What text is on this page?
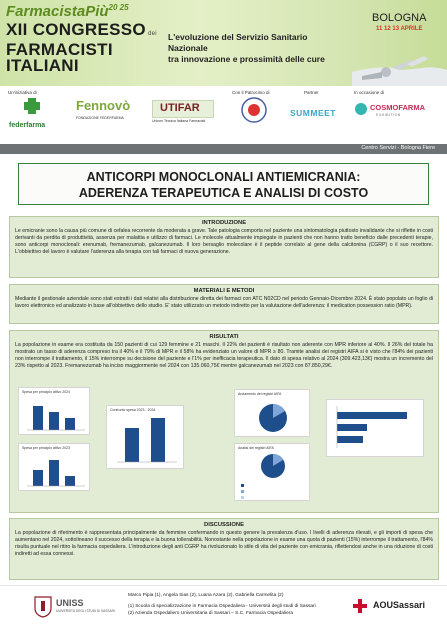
FarmacistaPiù$^{20 25}$
XII CONGRESSO dei
FARMACISTI
ITALIANI
L'evoluzione del Servizio Sanitario Nazionale
tra innovazione e prossimità delle cure
BOLOGNA
11 12 13 APRILE
Un'iniziativa di
federfarma
Fennovò
FONDAZIONE FEDERFARMA
UTIFAR
Unione Tecnica Italiana Farmacisti
Con il Patrocinio di	Partner
SUMMEET
In occasione di
COSMOFARMA
EXHIBITION
Centro Servizi - Bologna Fiere
ANTICORPI MONOCLONALI ANTIEMICRANIA:
ADERENZA TERAPEUTICA E ANALISI DI COSTO
INTRODUZIONE

Le emicranie sono la causa più comune di cefalea recorrente da moderata a grave. Tale patologia comporta nel paziente una sintomatologia piuttosto invalidante che si riflette in costi derivanti da perdita di produttività, assenza per malattia e utilizzo di farmaci. Le molecole attualmente impiegate in pazienti che non hanno tratto beneficio dalle precedenti terapie, sono anticorpi monoclonali: erenumab, fremanezumab, galcanezumab. Il loro bersaglio molecolare è il peptide correlato al gene della calcitonina (CGRP) o il suo recettore. L'obbiettivo del lavoro è valutare l'aderenza alla terapia con tali farmaci di nuova generazione.

MATERIALI E METODI

Mediante il gestionale aziendale sono stati estratti i dati relativi alla distribuzione diretta dei farmaci con ATC N02CD nel periodo Gennaio-Dicembre 2024. È stato popolato un foglio di lavoro elettronico ed analizzato in base all'obbiettivo dello studio. E' stato utilizzato un metodo indiretto per la valutazione dell'aderenza: il medication possession ratio (MPR).

RISULTATI

La popolazione in esame era costituita da 150 pazienti di cui 129 femmine e 21 maschi. Il 22% dei pazienti è risultato non aderente con MPR inferiore al 40%. Il 26% del totale ha mostrato un tasso di aderenza compreso tra il 40% e il 79% di MPR e il 58% ha evidenziato un valore di MPR ≥ 80. Tramite analisi dei registri AIFA si è visto che l'84% dei pazienti non interrompe il trattamento, il 15% interrompe su decisione del paziente e l'1% per inefficacia terapeutica. Il dato di spesa relativo al 2024 (309.423,13€) mostra un incremento del 23% rispetto al 2023. Fremanezumab ha inciso maggiormente nel 2024 con 135.060,75€ mentre galcanezumab nel 2023 con 87.850,29€.

Spesa per principio attivo 2024
Spesa per principio attivo 2023
Confronto spesa 2023 - 2024
Andamento dei registri AIFA
Analisi dei registri AIFA
DISCUSSIONE

La popolazione di riferimento è rappresentata principalmente da femmine confermando in questo genere la prevalenza d'uso. I livelli di aderenza rilevati, e gli importi di spesa che aumentano nel 2024, sottolineano il successo della terapia e la buona tollerabilità. Nonostante nella popolazione in esame una quota di pazienti (15%) interrompe il trattamento, l'84% risulta puntuale nel ritiro la farmacia ospedaliera. L'introduzione degli anti CGRP ha rivoluzionato lo stile di vita del paziente con emicrania, riflettendosi anche in una riduzione di costi indiretti ad essa connessi.

UNISS
UNIVERSITÀ DEGLI STUDI DI SASSARI
Marco Pipia (1), Angela Sias (2), Luana Azara (2), Gabriella Carmelita (2)
(1) Scuola di specializzazione in Farmacia Ospedaliera - Università degli studi di Sassari
(2) Azienda Ospedaliero Universitaria di Sassari – S.C. Farmacia Ospedaliera
AOUSassari
